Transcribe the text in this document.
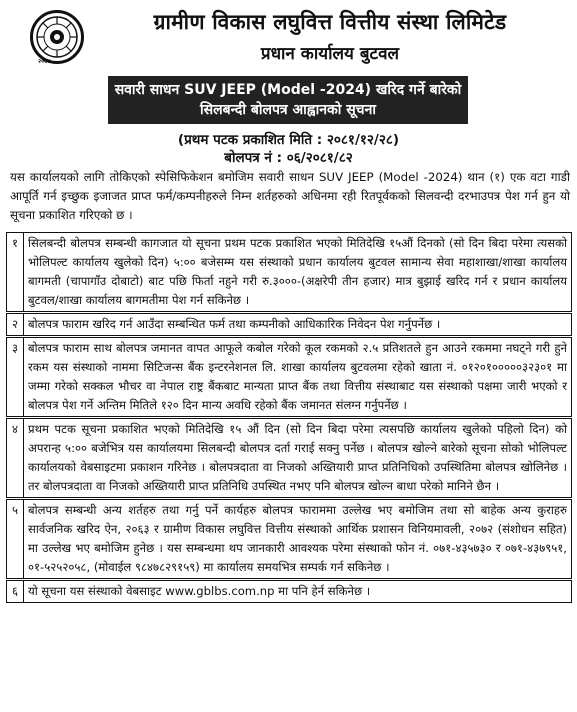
२०७४
ग्रामीण विकास लघुवित्त वित्तीय संस्था लिमिटेड
प्रधान कार्यालय बुटवल
सवारी साधन SUV JEEP (Model -2024) खरिद गर्ने बारेको
सिलबन्दी बोलपत्र आह्वानको सूचना
(प्रथम पटक प्रकाशित मिति : २०८१/१२/२८)
बोलपत्र नं : ०६/२०८१/८२
यस कार्यालयको लागि तोकिएको स्पेसिफिकेशन बमोजिम सवारी साधन SUV JEEP (Model -2024) थान (१) एक वटा गाडी आपूर्ति गर्न इच्छुक इजाजत प्राप्त फर्म/कम्पनीहरुले निम्न शर्तहरुको अधिनमा रही रितपूर्वकको सिलवन्दी दरभाउपत्र पेश गर्न हुन यो सूचना प्रकाशित गरिएको छ ।
१	सिलबन्दी बोलपत्र सम्बन्धी कागजात यो सूचना प्रथम पटक प्रकाशित भएको मितिदेखि १५औं दिनको (सो दिन बिदा परेमा त्यसको भोलिपल्ट कार्यालय खुलेको दिन) ५:०० बजेसम्म यस संस्थाको प्रधान कार्यालय बुटवल सामान्य सेवा महाशाखा/शाखा कार्यालय बागमती (चापागाँउ दोबाटो) बाट पछि फिर्ता नहुने गरी रु.३०००-(अक्षरेपी तीन हजार) मात्र बुझाई खरिद गर्न र प्रधान कार्यालय बुटवल/शाखा कार्यालय बागमतीमा पेश गर्न सकिनेछ ।
२	बोलपत्र फाराम खरिद गर्न आउँदा सम्बन्धित फर्म तथा कम्पनीको आधिकारिक निवेदन पेश गर्नुपर्नेछ ।
३	बोलपत्र फाराम साथ बोलपत्र जमानत वापत आफूले कबोल गरेको कूल रकमको २.५ प्रतिशतले हुन आउने रकममा नघट्ने गरी हुने रकम यस संस्थाको नाममा सिटिजन्स बैंक इन्टरनेशनल लि. शाखा कार्यालय बुटवलमा रहेको खाता नं. ०१२०१०००००३२३०१ मा जम्मा गरेको सक्कल भौचर वा नेपाल राष्ट्र बैंकबाट मान्यता प्राप्त बैंक तथा वित्तीय संस्थाबाट यस संस्थाको पक्षमा जारी भएको र बोलपत्र पेश गर्ने अन्तिम मितिले १२० दिन मान्य अवधि रहेको बैंक जमानत संलग्न गर्नुपर्नेछ ।
४	प्रथम पटक सूचना प्रकाशित भएको मितिदेखि १५ औं दिन (सो दिन बिदा परेमा त्यसपछि कार्यालय खुलेको पहिलो दिन) को अपरान्ह ५:०० बजेभित्र यस कार्यालयमा सिलबन्दी बोलपत्र दर्ता गराई सक्नु पर्नेछ । बोलपत्र खोल्ने बारेको सूचना सोको भोलिपल्ट कार्यालयको वेबसाइटमा प्रकाशन गरिनेछ । बोलपत्रदाता वा निजको अख्तियारी प्राप्त प्रतिनिधिको उपस्थितिमा बोलपत्र खोलिनेछ । तर बोलपत्रदाता वा निजको अख्तियारी प्राप्त प्रतिनिधि उपस्थित नभए पनि बोलपत्र खोल्न बाधा परेको मानिने छैन ।
५	बोलपत्र सम्बन्धी अन्य शर्तहरु तथा गर्नु पर्ने कार्यहरु बोलपत्र फाराममा उल्लेख भए बमोजिम तथा सो बाहेक अन्य कुराहरु सार्वजनिक खरिद ऐन, २०६३ र ग्रामीण विकास लघुवित्त वित्तीय संस्थाको आर्थिक प्रशासन विनियमावली, २०७२ (संशोधन सहित) मा उल्लेख भए बमोजिम हुनेछ । यस सम्बन्धमा थप जानकारी आवश्यक परेमा संस्थाको फोन नं. ०७१-४३५७३० र ०७१-४३७९५१, ०१-५२५२०५८, (मोवाईल ९८४७८२९१५९) मा कार्यालय समयभित्र सम्पर्क गर्न सकिनेछ ।
६	यो सूचना यस संस्थाको वेबसाइट www.gblbs.com.np मा पनि हेर्न सकिनेछ ।
